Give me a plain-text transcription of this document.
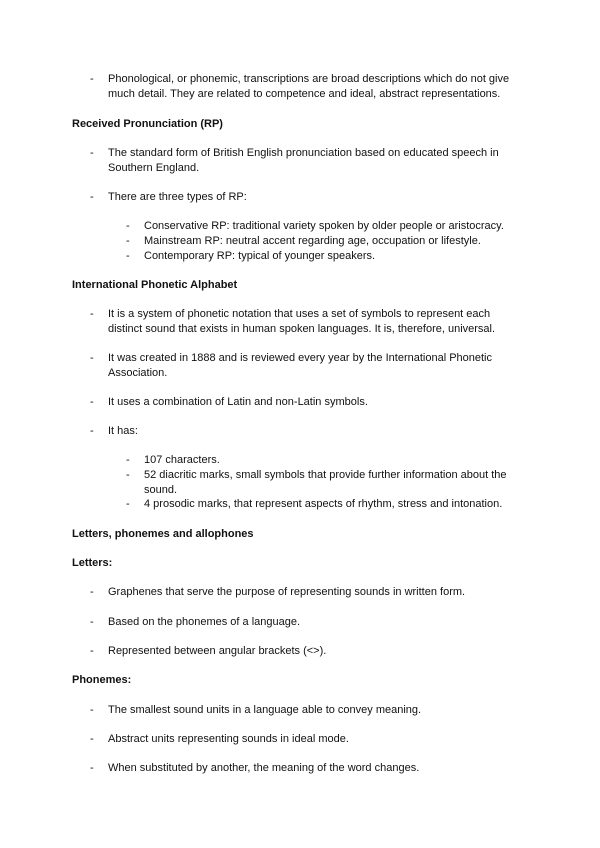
- Phonological, or phonemic, transcriptions are broad descriptions which do not give much detail. They are related to competence and ideal, abstract representations.

Received Pronunciation (RP)

- The standard form of British English pronunciation based on educated speech in Southern England.
- There are three types of RP:
- Conservative RP: traditional variety spoken by older people or aristocracy.
- Mainstream RP: neutral accent regarding age, occupation or lifestyle.
- Contemporary RP: typical of younger speakers.

International Phonetic Alphabet

- It is a system of phonetic notation that uses a set of symbols to represent each distinct sound that exists in human spoken languages. It is, therefore, universal.
- It was created in 1888 and is reviewed every year by the International Phonetic Association.
- It uses a combination of Latin and non-Latin symbols.
- It has:
- 107 characters.
- 52 diacritic marks, small symbols that provide further information about the sound.
- 4 prosodic marks, that represent aspects of rhythm, stress and intonation.

Letters, phonemes and allophones

Letters:

- Graphenes that serve the purpose of representing sounds in written form.
- Based on the phonemes of a language.
- Represented between angular brackets (<>).

Phonemes:

- The smallest sound units in a language able to convey meaning.
- Abstract units representing sounds in ideal mode.
- When substituted by another, the meaning of the word changes.
